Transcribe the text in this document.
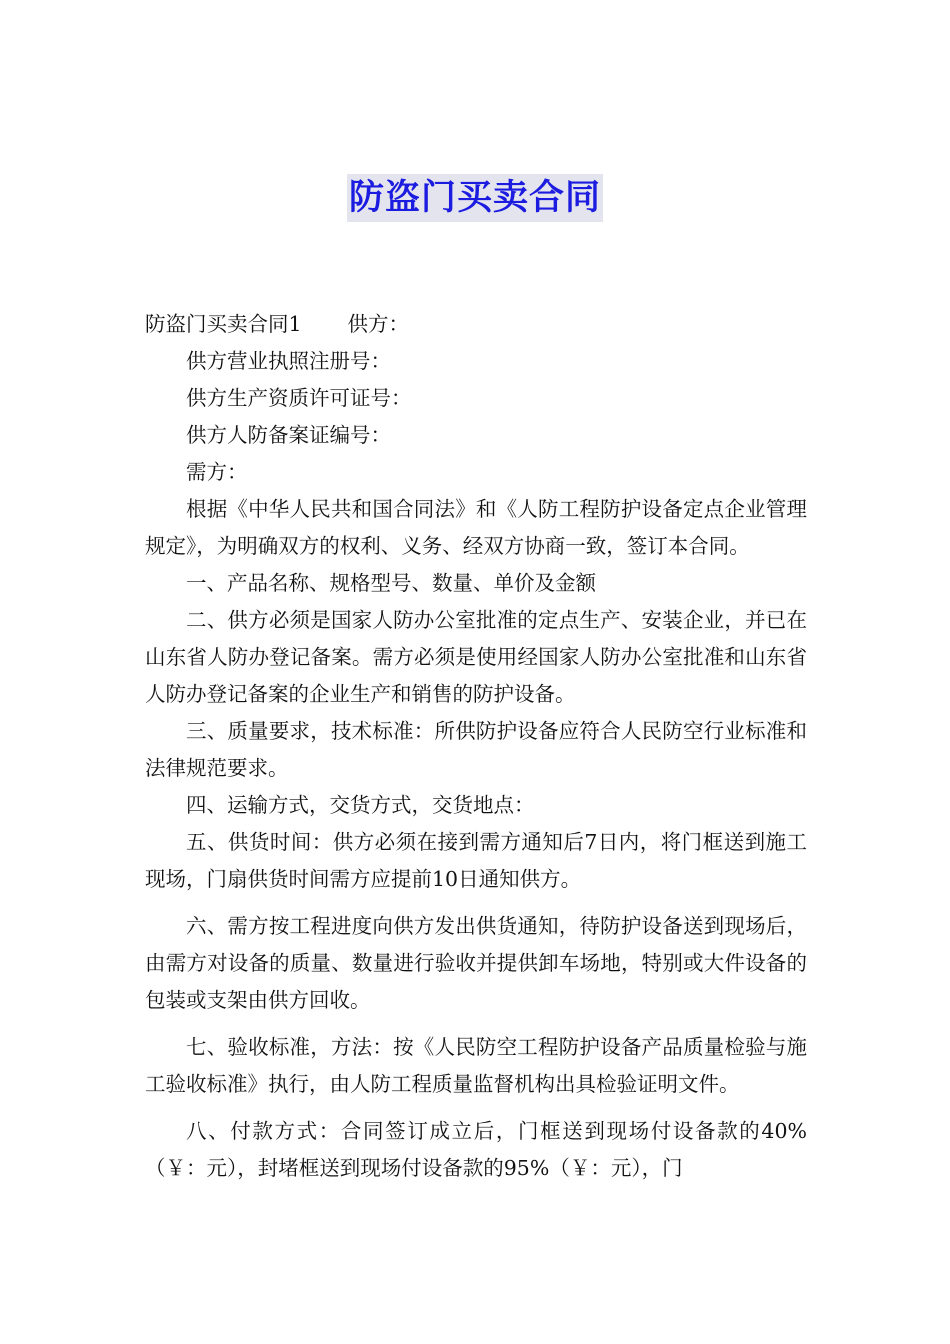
防盗门买卖合同

防盗门买卖合同1 供方：

供方营业执照注册号：

供方生产资质许可证号：

供方人防备案证编号：

需方：

根据《中华人民共和国合同法》和《人防工程防护设备定点企业管理规定》，为明确双方的权利、义务、经双方协商一致，签订本合同。

一、产品名称、规格型号、数量、单价及金额

二、供方必须是国家人防办公室批准的定点生产、安装企业，并已在山东省人防办登记备案。需方必须是使用经国家人防办公室批准和山东省人防办登记备案的企业生产和销售的防护设备。

三、质量要求，技术标准：所供防护设备应符合人民防空行业标准和法律规范要求。

四、运输方式，交货方式，交货地点：

五、供货时间：供方必须在接到需方通知后7日内，将门框送到施工现场，门扇供货时间需方应提前10日通知供方。

六、需方按工程进度向供方发出供货通知，待防护设备送到现场后，由需方对设备的质量、数量进行验收并提供卸车场地，特别或大件设备的包装或支架由供方回收。

七、验收标准，方法：按《人民防空工程防护设备产品质量检验与施工验收标准》执行，由人防工程质量监督机构出具检验证明文件。

八、付款方式：合同签订成立后，门框送到现场付设备款的40%（￥：元），封堵框送到现场付设备款的95%（￥：元），门
